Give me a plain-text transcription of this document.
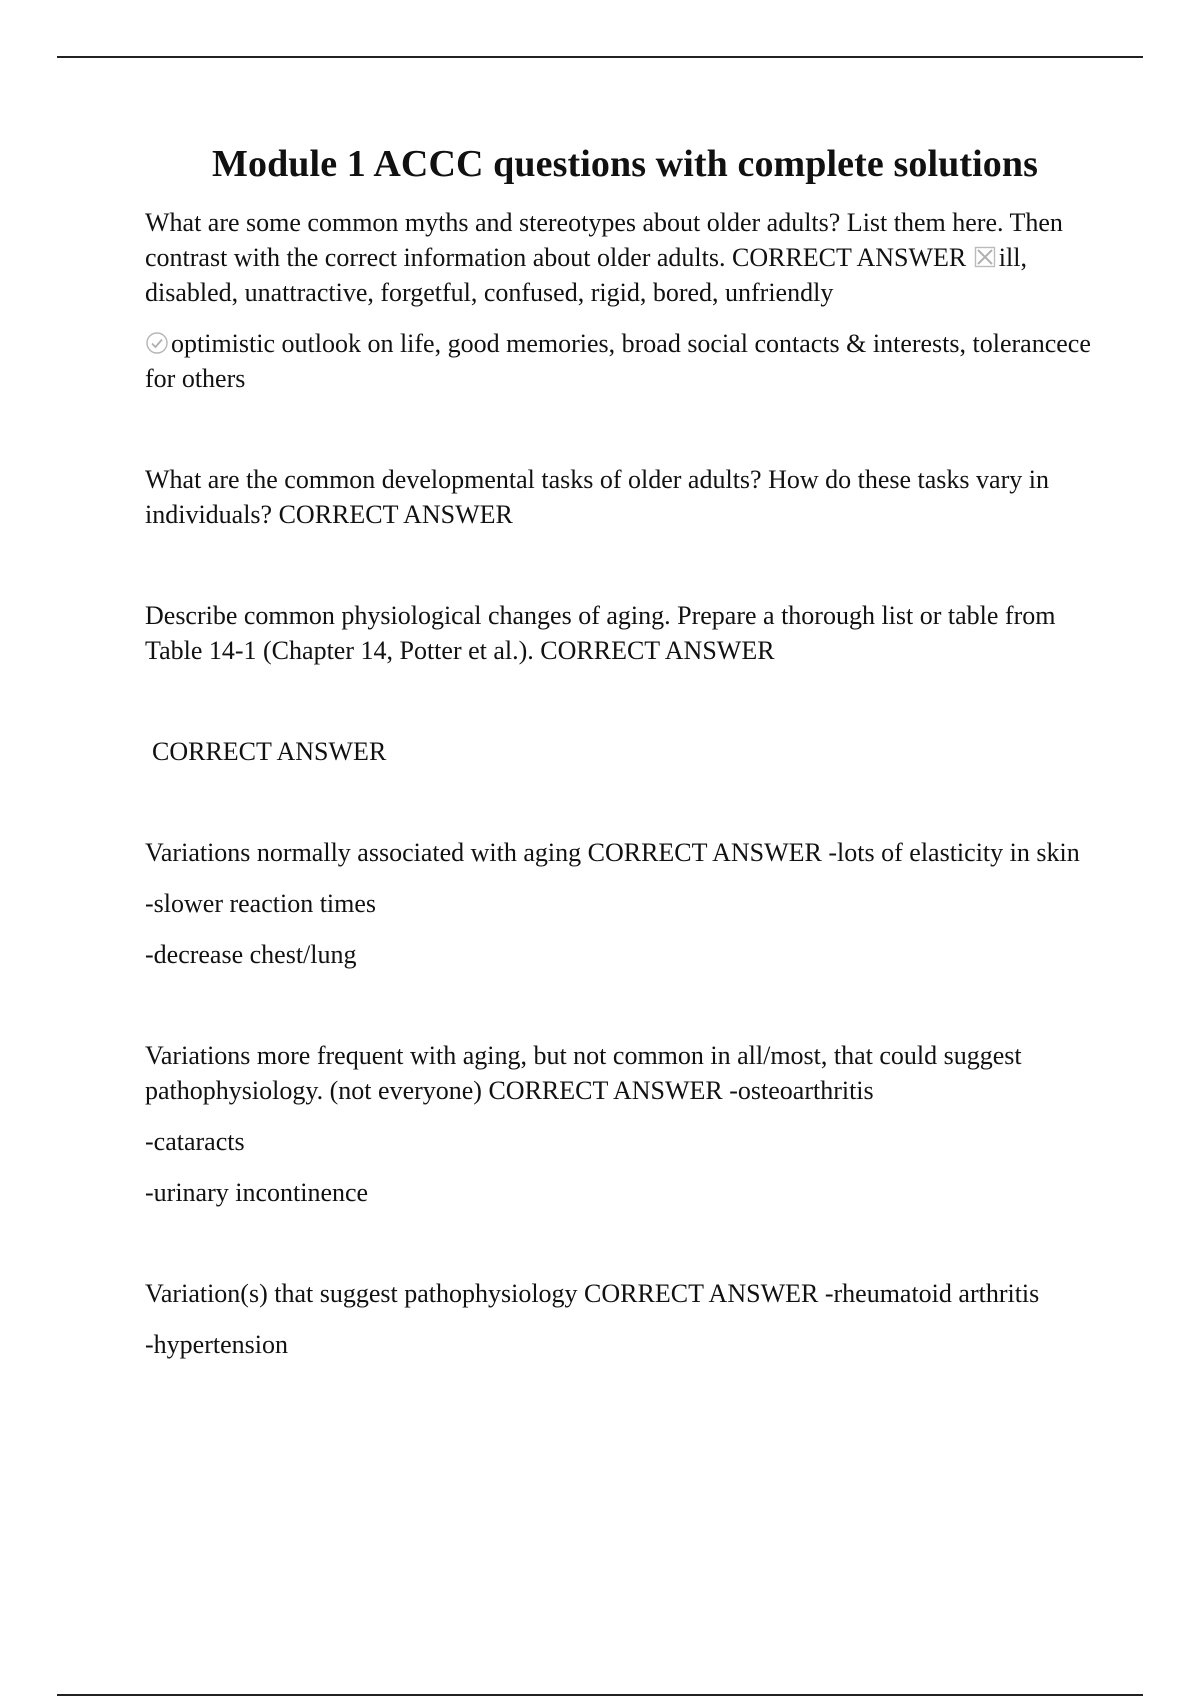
Module 1 ACCC questions with complete solutions

What are some common myths and stereotypes about older adults? List them here. Then contrast with the correct information about older adults. CORRECT ANSWER
ill, disabled, unattractive, forgetful, confused, rigid, bored, unfriendly

optimistic outlook on life, good memories, broad social contacts & interests, tolerancece for others

What are the common developmental tasks of older adults? How do these tasks vary in individuals? CORRECT ANSWER

Describe common physiological changes of aging. Prepare a thorough list or table from Table 14-1 (Chapter 14, Potter et al.). CORRECT ANSWER

CORRECT ANSWER

Variations normally associated with aging CORRECT ANSWER -lots of elasticity in skin

-slower reaction times

-decrease chest/lung

Variations more frequent with aging, but not common in all/most, that could suggest pathophysiology. (not everyone) CORRECT ANSWER -osteoarthritis

-cataracts

-urinary incontinence

Variation(s) that suggest pathophysiology CORRECT ANSWER -rheumatoid arthritis

-hypertension
